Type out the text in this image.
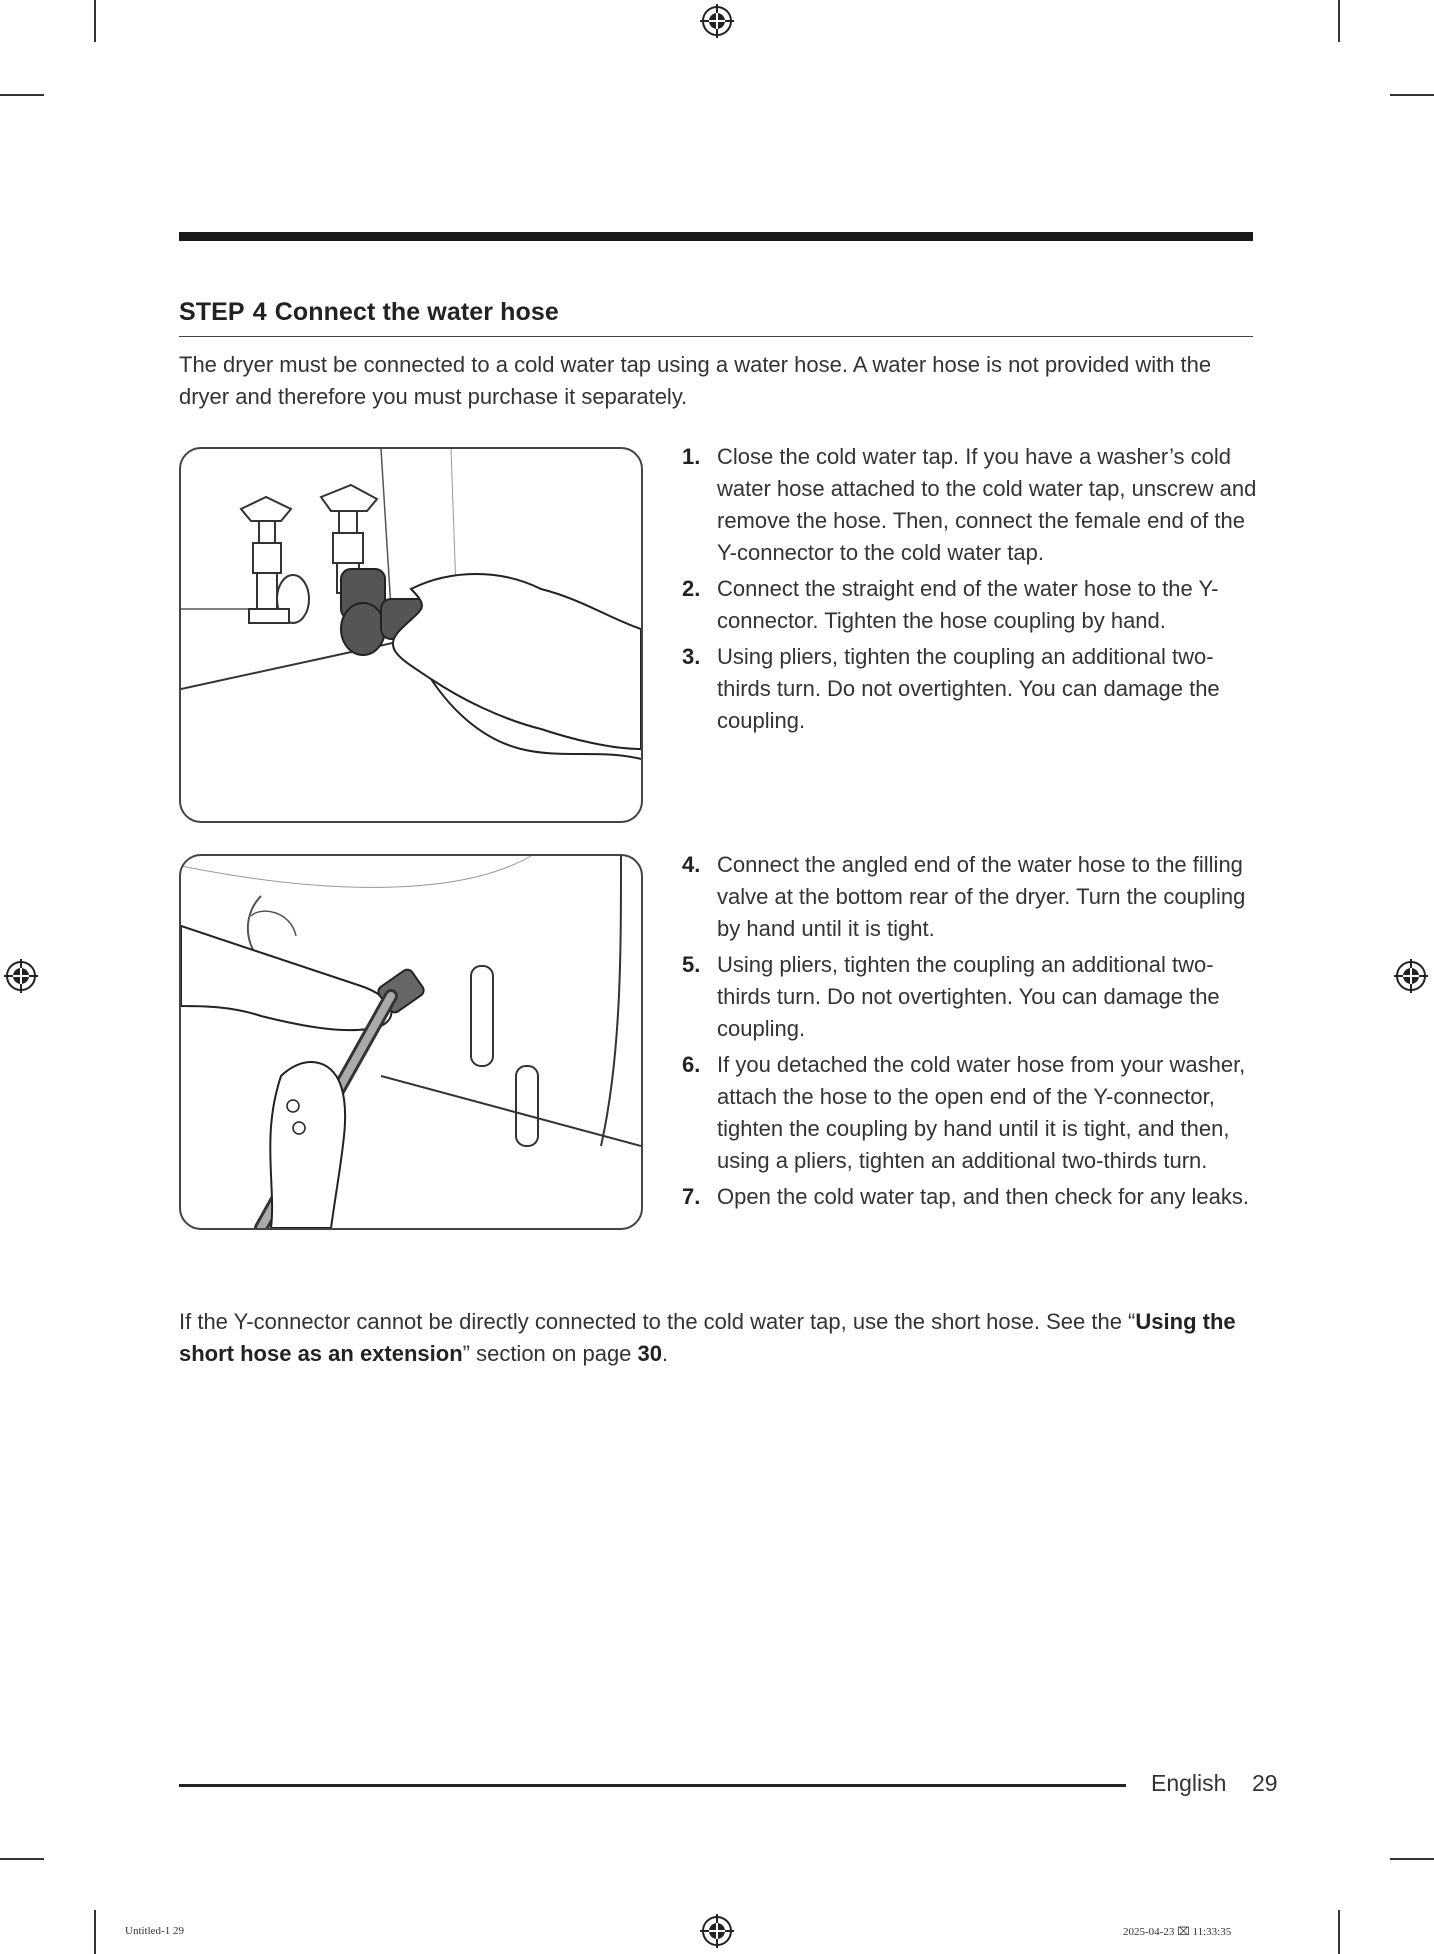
STEP 4 Connect the water hose
The dryer must be connected to a cold water tap using a water hose. A water hose is not provided with the dryer and therefore you must purchase it separately.
1. Close the cold water tap. If you have a washer’s cold water hose attached to the cold water tap, unscrew and remove the hose. Then, connect the female end of the Y-connector to the cold water tap.
2. Connect the straight end of the water hose to the Y-connector. Tighten the hose coupling by hand.
3. Using pliers, tighten the coupling an additional two-thirds turn. Do not overtighten. You can damage the coupling.
4. Connect the angled end of the water hose to the filling valve at the bottom rear of the dryer. Turn the coupling by hand until it is tight.
5. Using pliers, tighten the coupling an additional two-thirds turn. Do not overtighten. You can damage the coupling.
6. If you detached the cold water hose from your washer, attach the hose to the open end of the Y-connector, tighten the coupling by hand until it is tight, and then, using a pliers, tighten an additional two-thirds turn.
7. Open the cold water tap, and then check for any leaks.
If the Y-connector cannot be directly connected to the cold water tap, use the short hose. See the “Using the short hose as an extension” section on page 30.
English 29
Untitled-1 29	2025-04-23 ⌧ 11:33:35
